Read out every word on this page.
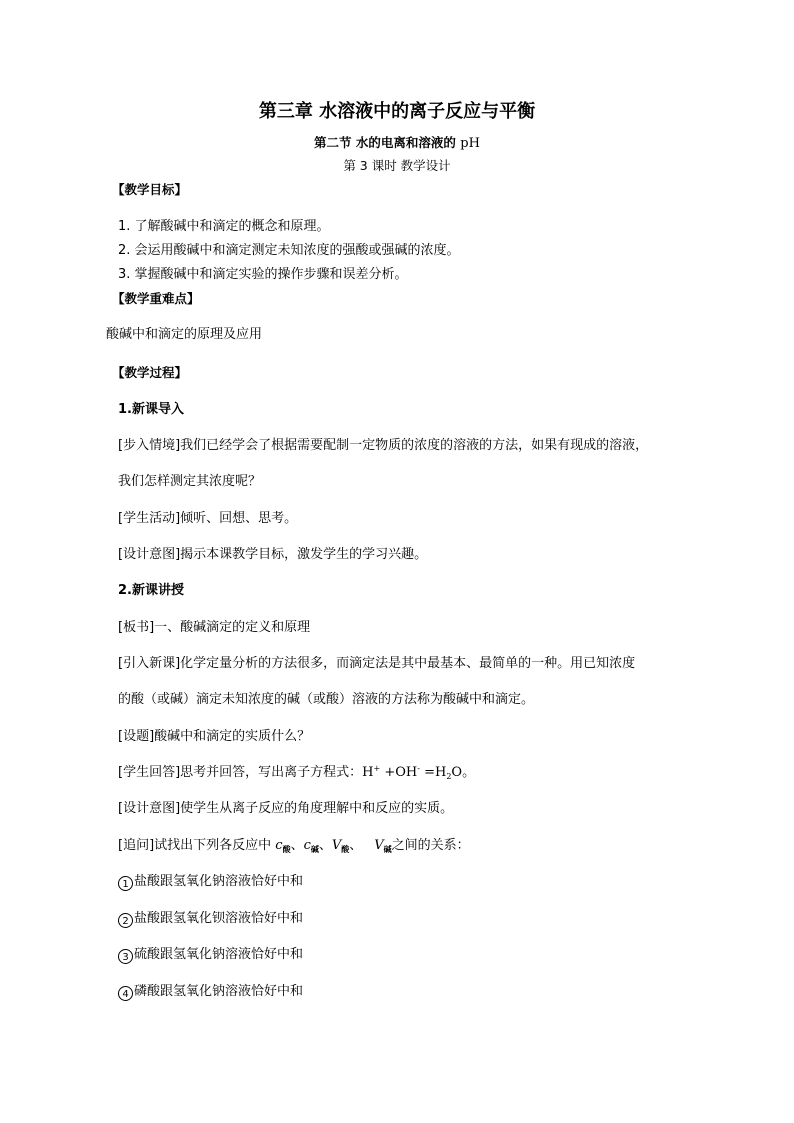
第三章 水溶液中的离子反应与平衡
第二节 水的电离和溶液的 pH
第 3 课时 教学设计
【教学目标】
1. 了解酸碱中和滴定的概念和原理。
2. 会运用酸碱中和滴定测定未知浓度的强酸或强碱的浓度。
3. 掌握酸碱中和滴定实验的操作步骤和误差分析。
【教学重难点】
酸碱中和滴定的原理及应用
【教学过程】
1.新课导入
[步入情境]我们已经学会了根据需要配制一定物质的浓度的溶液的方法，如果有现成的溶液，
我们怎样测定其浓度呢？
[学生活动]倾听、回想、思考。
[设计意图]揭示本课教学目标，激发学生的学习兴趣。
2.新课讲授
[板书]一、酸碱滴定的定义和原理
[引入新课]化学定量分析的方法很多，而滴定法是其中最基本、最简单的一种。用已知浓度
的酸（或碱）滴定未知浓度的碱（或酸）溶液的方法称为酸碱中和滴定。
[设题]酸碱中和滴定的实质什么？
[学生回答]思考并回答，写出离子方程式：$H^+ +OH^- =H_2O$。
[设计意图]使学生从离子反应的角度理解中和反应的实质。
[追问]试找出下列各反应中 $c_酸$、$c_碱$、$V_酸$、 $V_碱$之间的关系：
1 盐酸跟氢氧化钠溶液恰好中和
2 盐酸跟氢氧化钡溶液恰好中和
3 硫酸跟氢氧化钠溶液恰好中和
4 磷酸跟氢氧化钠溶液恰好中和
